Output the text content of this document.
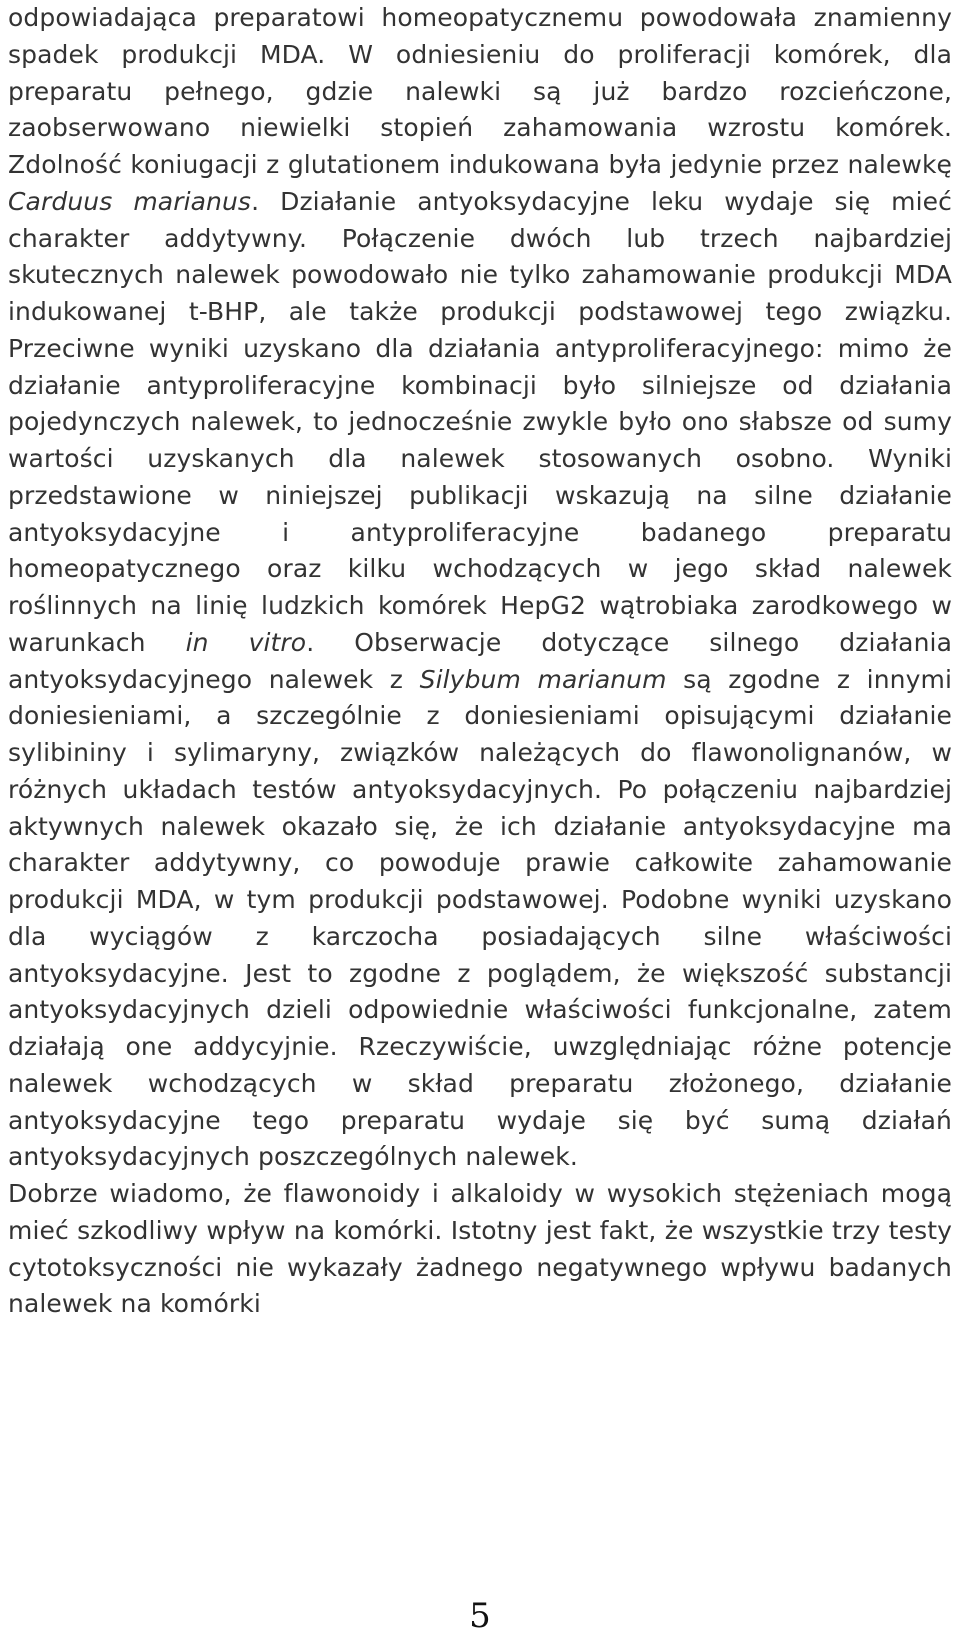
odpowiadająca preparatowi homeopatycznemu powodowała znamienny spadek produkcji MDA. W odniesieniu do proliferacji komórek, dla preparatu pełnego, gdzie nalewki są już bardzo rozcieńczone, zaobserwowano niewielki stopień zahamowania wzrostu komórek. Zdolność koniugacji z glutationem indukowana była jedynie przez nalewkę Carduus marianus. Działanie antyoksydacyjne leku wydaje się mieć charakter addytywny. Połączenie dwóch lub trzech najbardziej skutecznych nalewek powodowało nie tylko zahamowanie produkcji MDA indukowanej t-BHP, ale także produkcji podstawowej tego związku. Przeciwne wyniki uzyskano dla działania antyproliferacyjnego: mimo że działanie antyproliferacyjne kombinacji było silniejsze od działania pojedynczych nalewek, to jednocześnie zwykle było ono słabsze od sumy wartości uzyskanych dla nalewek stosowanych osobno. Wyniki przedstawione w niniejszej publikacji wskazują na silne działanie antyoksydacyjne i antyproliferacyjne badanego preparatu homeopatycznego oraz kilku wchodzących w jego skład nalewek roślinnych na linię ludzkich komórek HepG2 wątrobiaka zarodkowego w warunkach in vitro. Obserwacje dotyczące silnego działania antyoksydacyjnego nalewek z Silybum marianum są zgodne z innymi doniesieniami, a szczególnie z doniesieniami opisującymi działanie sylibininy i sylimaryny, związków należących do flawonolignanów, w różnych układach testów antyoksydacyjnych. Po połączeniu najbardziej aktywnych nalewek okazało się, że ich działanie antyoksydacyjne ma charakter addytywny, co powoduje prawie całkowite zahamowanie produkcji MDA, w tym produkcji podstawowej. Podobne wyniki uzyskano dla wyciągów z karczocha posiadających silne właściwości antyoksydacyjne. Jest to zgodne z poglądem, że większość substancji antyoksydacyjnych dzieli odpowiednie właściwości funkcjonalne, zatem działają one addycyjnie. Rzeczywiście, uwzględniając różne potencje nalewek wchodzących w skład preparatu złożonego, działanie antyoksydacyjne tego preparatu wydaje się być sumą działań antyoksydacyjnych poszczególnych nalewek.

Dobrze wiadomo, że flawonoidy i alkaloidy w wysokich stężeniach mogą mieć szkodliwy wpływ na komórki. Istotny jest fakt, że wszystkie trzy testy cytotoksyczności nie wykazały żadnego negatywnego wpływu badanych nalewek na komórki

5
